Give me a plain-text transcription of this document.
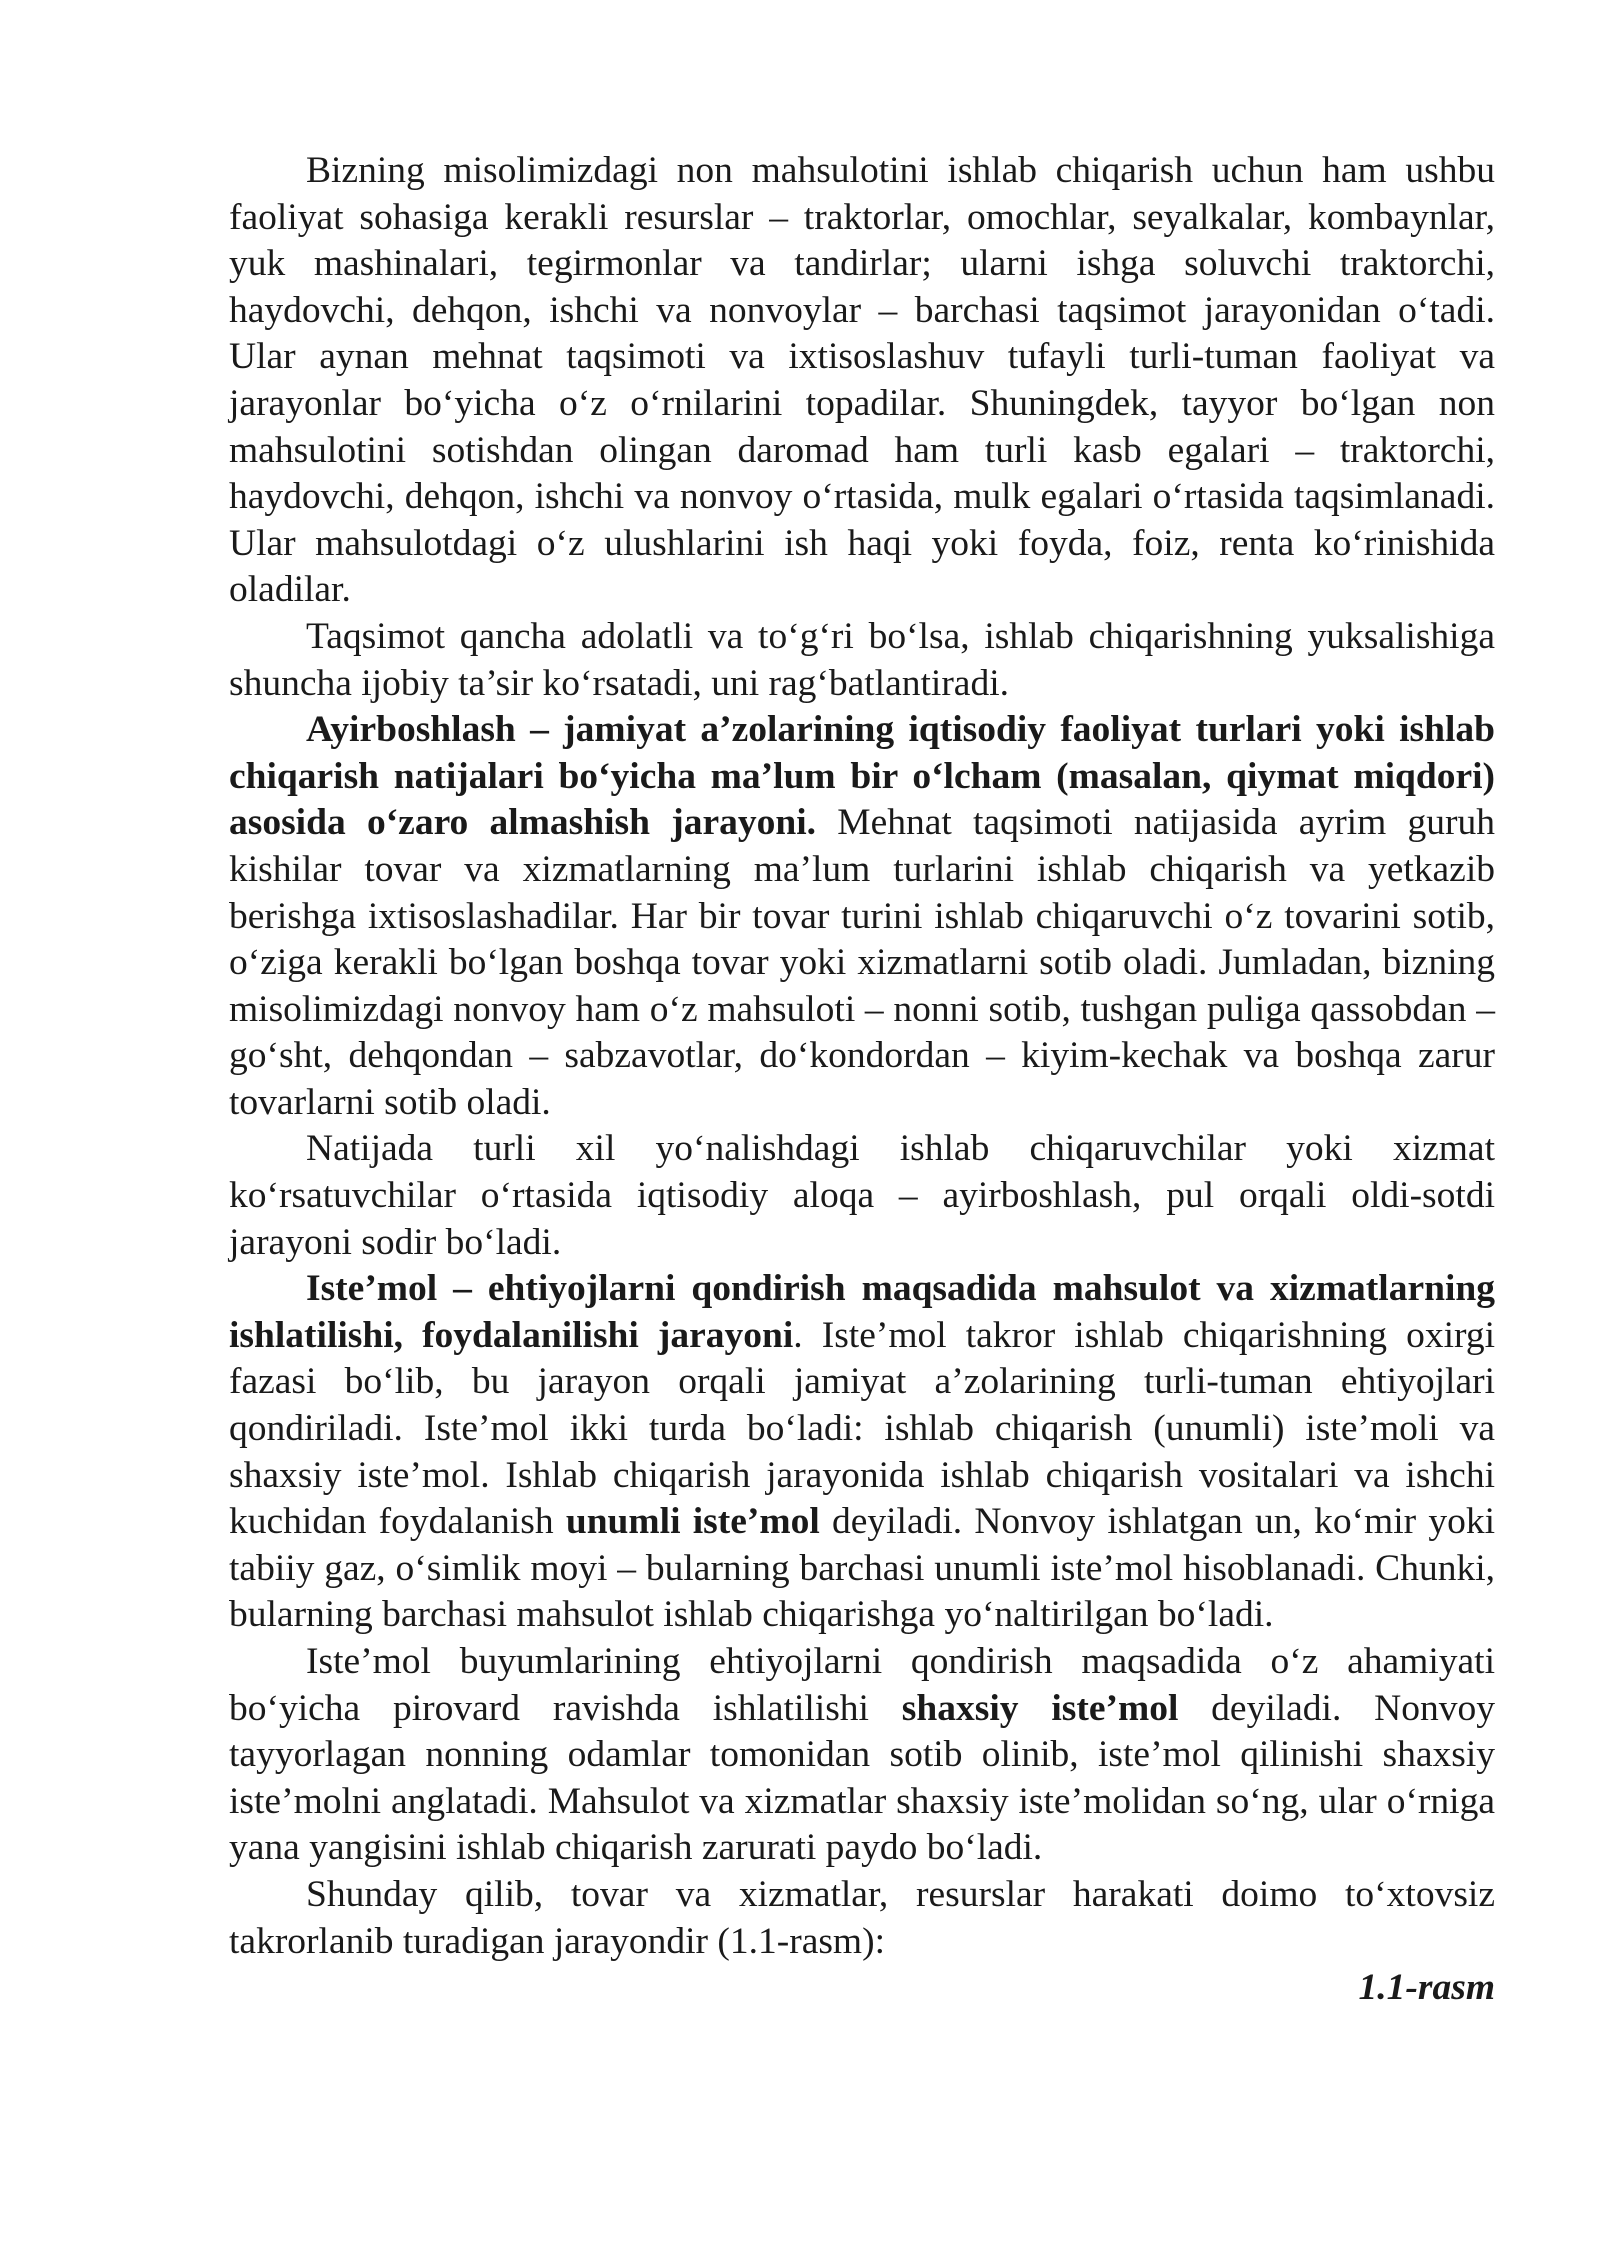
Bizning misolimizdagi non mahsulotini ishlab chiqarish uchun ham ushbu faoliyat sohasiga kerakli resurslar – traktorlar, omochlar, seyalkalar, kombaynlar, yuk mashinalari, tegirmonlar va tandirlar; ularni ishga soluvchi traktorchi, haydovchi, dehqon, ishchi va nonvoylar – barchasi taqsimot jarayonidan o‘tadi. Ular aynan mehnat taqsimoti va ixtisoslashuv tufayli turli-tuman faoliyat va jarayonlar bo‘yicha o‘z o‘rnilarini topadilar. Shuningdek, tayyor bo‘lgan non mahsulotini sotishdan olingan daromad ham turli kasb egalari – traktorchi, haydovchi, dehqon, ishchi va nonvoy o‘rtasida, mulk egalari o‘rtasida taqsimlanadi. Ular mahsulotdagi o‘z ulushlarini ish haqi yoki foyda, foiz, renta ko‘rinishida oladilar.

Taqsimot qancha adolatli va to‘g‘ri bo‘lsa, ishlab chiqarishning yuksalishiga shuncha ijobiy ta’sir ko‘rsatadi, uni rag‘batlantiradi.

Ayirboshlash – jamiyat a’zolarining iqtisodiy faoliyat turlari yoki ishlab chiqarish natijalari bo‘yicha ma’lum bir o‘lcham (masalan, qiymat miqdori) asosida o‘zaro almashish jarayoni. Mehnat taqsimoti natijasida ayrim guruh kishilar tovar va xizmatlarning ma’lum turlarini ishlab chiqarish va yetkazib berishga ixtisoslashadilar. Har bir tovar turini ishlab chiqaruvchi o‘z tovarini sotib, o‘ziga kerakli bo‘lgan boshqa tovar yoki xizmatlarni sotib oladi. Jumladan, bizning misolimizdagi nonvoy ham o‘z mahsuloti – nonni sotib, tushgan puliga qassobdan – go‘sht, dehqondan – sabzavotlar, do‘kondordan – kiyim-kechak va boshqa zarur tovarlarni sotib oladi.

Natijada turli xil yo‘nalishdagi ishlab chiqaruvchilar yoki xizmat ko‘rsatuvchilar o‘rtasida iqtisodiy aloqa – ayirboshlash, pul orqali oldi-sotdi jarayoni sodir bo‘ladi.

Iste’mol – ehtiyojlarni qondirish maqsadida mahsulot va xizmatlarning ishlatilishi, foydalanilishi jarayoni. Iste’mol takror ishlab chiqarishning oxirgi fazasi bo‘lib, bu jarayon orqali jamiyat a’zolarining turli-tuman ehtiyojlari qondiriladi. Iste’mol ikki turda bo‘ladi: ishlab chiqarish (unumli) iste’moli va shaxsiy iste’mol. Ishlab chiqarish jarayonida ishlab chiqarish vositalari va ishchi kuchidan foydalanish unumli iste’mol deyiladi. Nonvoy ishlatgan un, ko‘mir yoki tabiiy gaz, o‘simlik moyi – bularning barchasi unumli iste’mol hisoblanadi. Chunki, bularning barchasi mahsulot ishlab chiqarishga yo‘naltirilgan bo‘ladi.

Iste’mol buyumlarining ehtiyojlarni qondirish maqsadida o‘z ahamiyati bo‘yicha pirovard ravishda ishlatilishi shaxsiy iste’mol deyiladi. Nonvoy tayyorlagan nonning odamlar tomonidan sotib olinib, iste’mol qilinishi shaxsiy iste’molni anglatadi. Mahsulot va xizmatlar shaxsiy iste’molidan so‘ng, ular o‘rniga yana yangisini ishlab chiqarish zarurati paydo bo‘ladi.

Shunday qilib, tovar va xizmatlar, resurslar harakati doimo to‘xtovsiz takrorlanib turadigan jarayondir (1.1-rasm):

1.1-rasm
